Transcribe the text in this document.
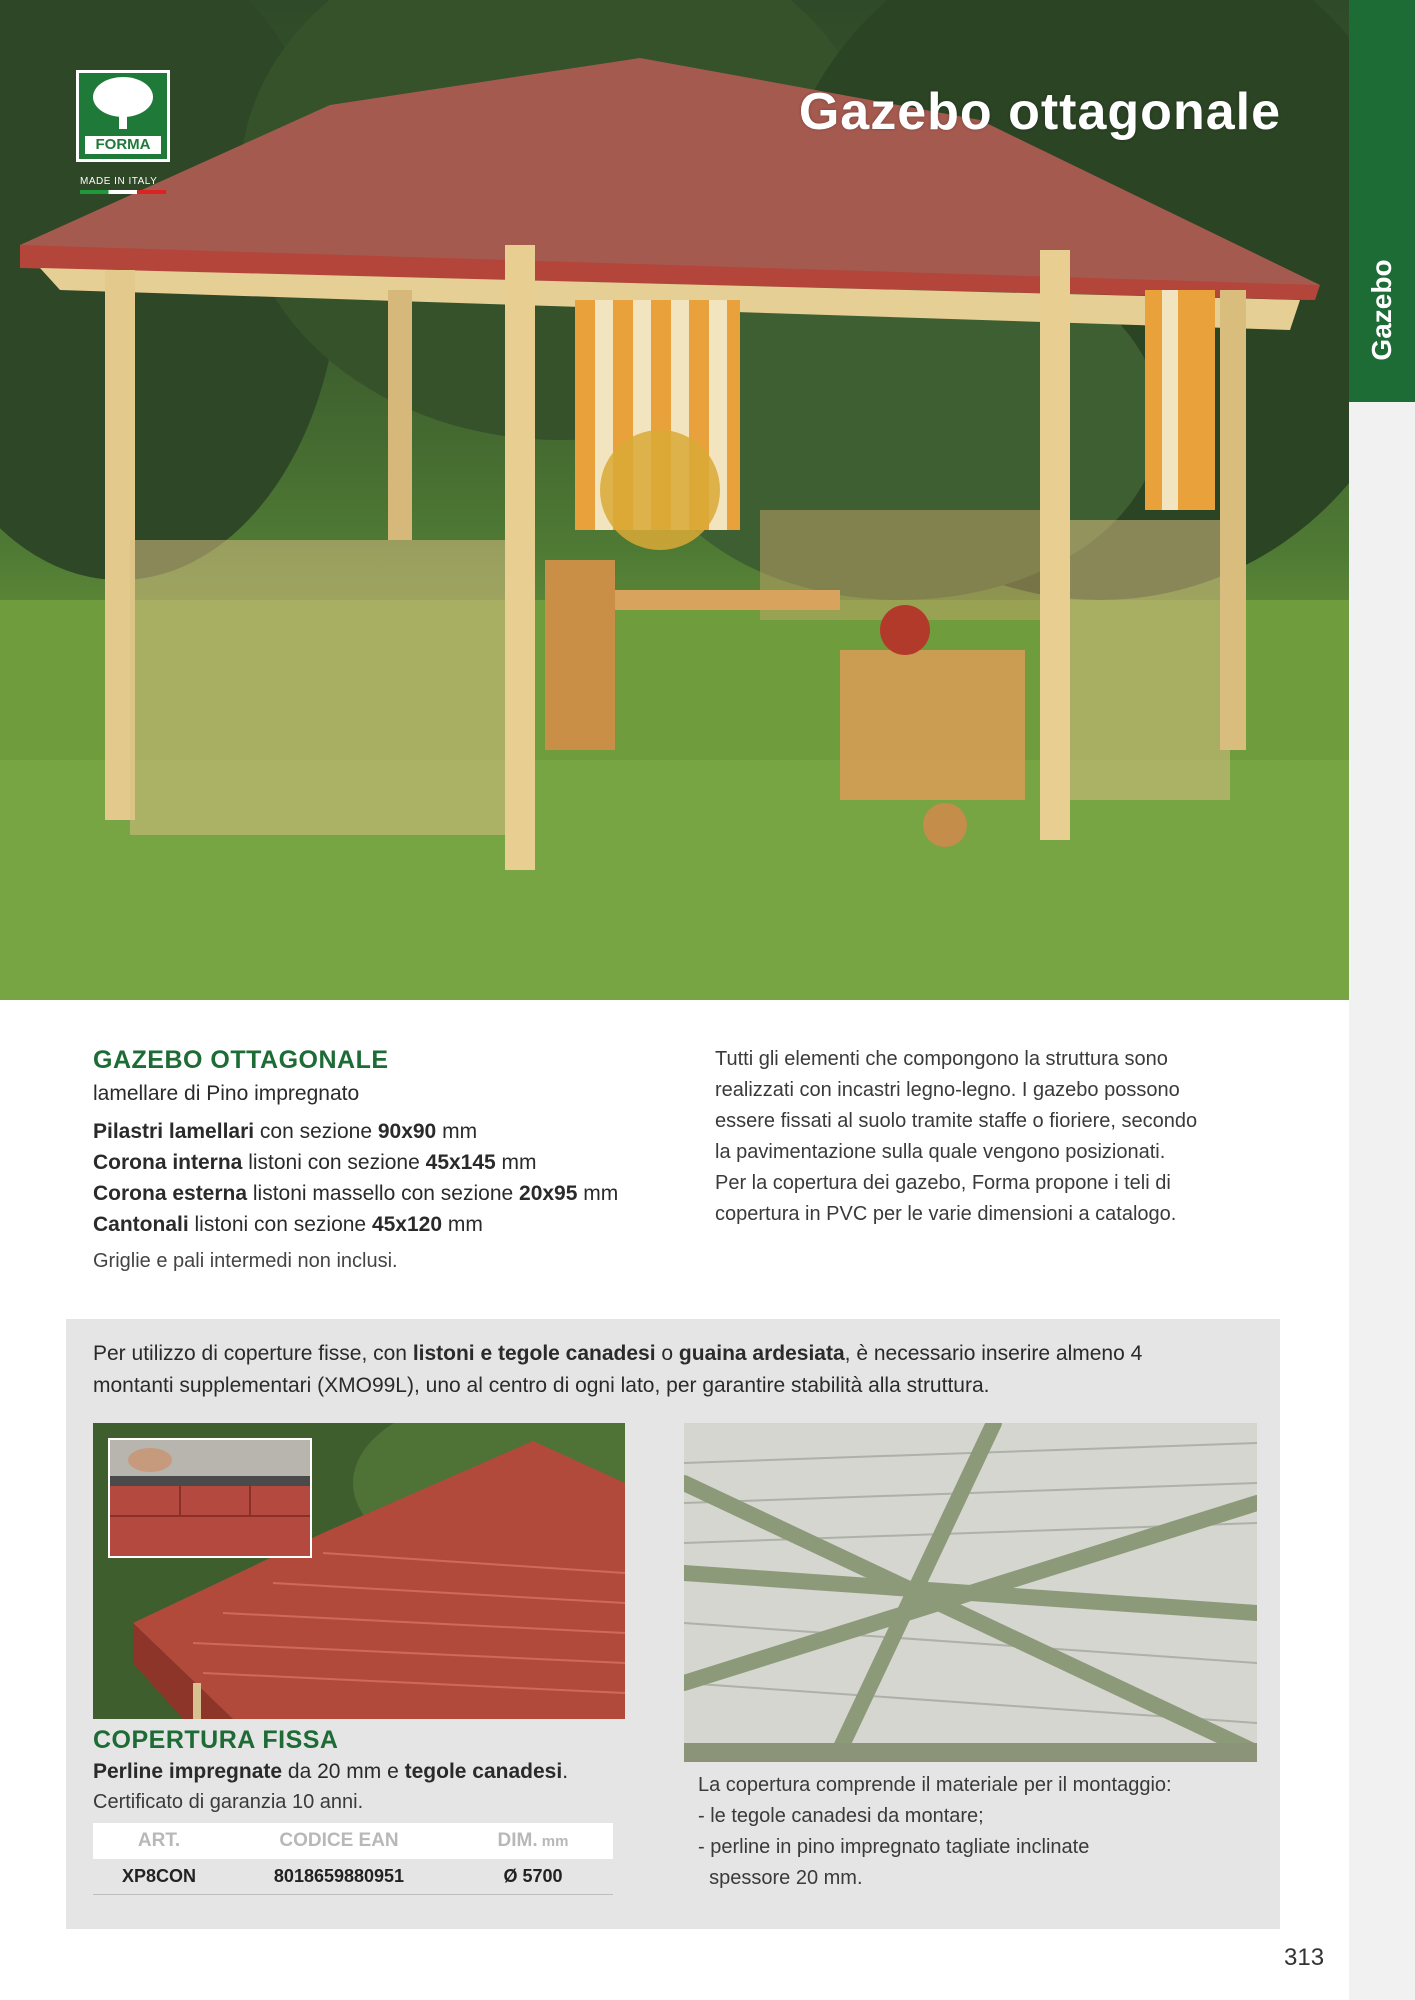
Gazebo ottagonale
FORMA
MADE IN ITALY
Gazebo
GAZEBO OTTAGONALE
lamellare di Pino impregnato
Pilastri lamellari con sezione 90x90 mm
Corona interna listoni con sezione 45x145 mm
Corona esterna listoni massello con sezione 20x95 mm
Cantonali listoni con sezione 45x120 mm
Griglie e pali intermedi non inclusi.
Tutti gli elementi che compongono la struttura sono
realizzati con incastri legno-legno. I gazebo possono
essere fissati al suolo tramite staffe o fioriere, secondo
la pavimentazione sulla quale vengono posizionati.
Per la copertura dei gazebo, Forma propone i teli di
copertura in PVC per le varie dimensioni a catalogo.
Per utilizzo di coperture fisse, con listoni e tegole canadesi o guaina ardesiata, è necessario inserire almeno 4
montanti supplementari (XMO99L), uno al centro di ogni lato, per garantire stabilità alla struttura.
COPERTURA FISSA
Perline impregnate da 20 mm e tegole canadesi.
Certificato di garanzia 10 anni.
ART.	CODICE EAN	DIM. mm
XP8CON	8018659880951	Ø 5700
La copertura comprende il materiale per il montaggio:
- le tegole canadesi da montare;
- perline in pino impregnato tagliate inclinate
spessore 20 mm.
313
